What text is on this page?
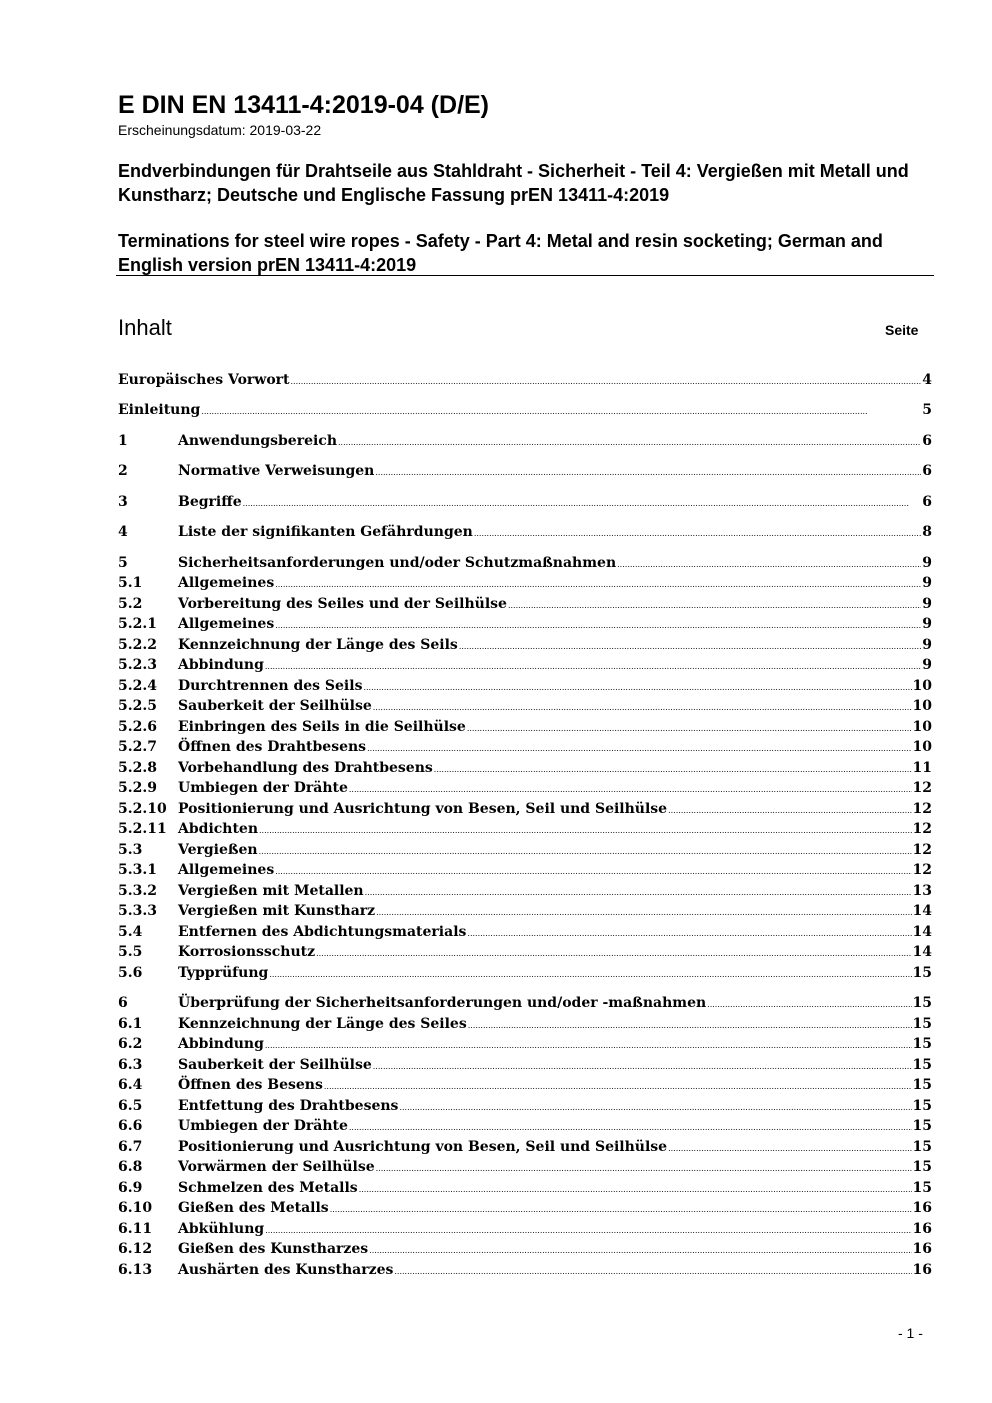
E DIN EN 13411-4:2019-04 (D/E)
Erscheinungsdatum: 2019-03-22
Endverbindungen für Drahtseile aus Stahldraht - Sicherheit - Teil 4: Vergießen mit Metall und Kunstharz; Deutsche und Englische Fassung prEN 13411-4:2019
Terminations for steel wire ropes - Safety - Part 4: Metal and resin socketing; German and English version prEN 13411-4:2019
Inhalt	Seite
Europäisches Vorwort .....	4
Einleitung .....	5
1	Anwendungsbereich .....	6
2	Normative Verweisungen .....	6
3	Begriffe .....	6
4	Liste der signifikanten Gefährdungen .....	8
5	Sicherheitsanforderungen und/oder Schutzmaßnahmen .....	9
5.1	Allgemeines .....	9
5.2	Vorbereitung des Seiles und der Seilhülse .....	9
5.2.1	Allgemeines .....	9
5.2.2	Kennzeichnung der Länge des Seils .....	9
5.2.3	Abbindung .....	9
5.2.4	Durchtrennen des Seils .....	10
5.2.5	Sauberkeit der Seilhülse .....	10
5.2.6	Einbringen des Seils in die Seilhülse .....	10
5.2.7	Öffnen des Drahtbesens .....	10
5.2.8	Vorbehandlung des Drahtbesens .....	11
5.2.9	Umbiegen der Drähte .....	12
5.2.10 Positionierung und Ausrichtung von Besen, Seil und Seilhülse .....	12
5.2.11 Abdichten .....	12
5.3	Vergießen .....	12
5.3.1	Allgemeines .....	12
5.3.2	Vergießen mit Metallen .....	13
5.3.3	Vergießen mit Kunstharz .....	14
5.4	Entfernen des Abdichtungsmaterials .....	14
5.5	Korrosionsschutz .....	14
5.6	Typprüfung .....	15
6	Überprüfung der Sicherheitsanforderungen und/oder -maßnahmen .....	15
6.1	Kennzeichnung der Länge des Seiles .....	15
6.2	Abbindung .....	15
6.3	Sauberkeit der Seilhülse .....	15
6.4	Öffnen des Besens .....	15
6.5	Entfettung des Drahtbesens .....	15
6.6	Umbiegen der Drähte .....	15
6.7	Positionierung und Ausrichtung von Besen, Seil und Seilhülse .....	15
6.8	Vorwärmen der Seilhülse .....	15
6.9	Schmelzen des Metalls .....	15
6.10	Gießen des Metalls .....	16
6.11	Abkühlung .....	16
6.12	Gießen des Kunstharzes .....	16
6.13	Aushärten des Kunstharzes .....	16
- 1 -
